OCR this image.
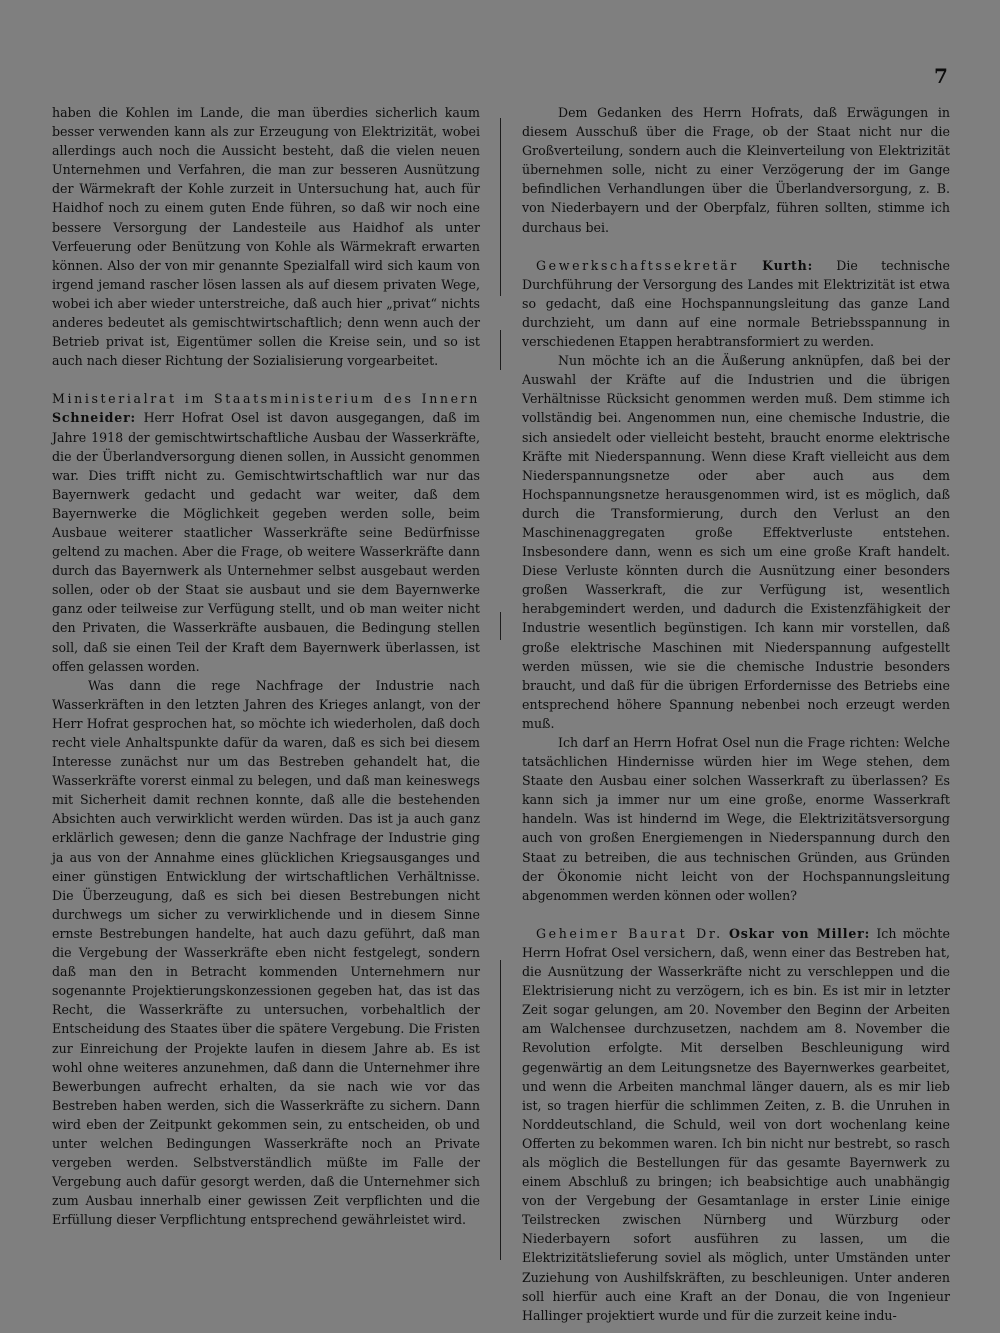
7

haben die Kohlen im Lande, die man überdies sicherlich kaum besser verwenden kann als zur Erzeugung von Elektrizität, wobei allerdings auch noch die Aussicht besteht, daß die vielen neuen Unternehmen und Verfahren, die man zur besseren Ausnützung der Wärmekraft der Kohle zurzeit in Untersuchung hat, auch für Haidhof noch zu einem guten Ende führen, so daß wir noch eine bessere Versorgung der Landesteile aus Haidhof als unter Verfeuerung oder Benützung von Kohle als Wärmekraft erwarten können. Also der von mir genannte Spezialfall wird sich kaum von irgend jemand rascher lösen lassen als auf diesem privaten Wege, wobei ich aber wieder unterstreiche, daß auch hier „privat“ nichts anderes bedeutet als gemischtwirtschaftlich; denn wenn auch der Betrieb privat ist, Eigentümer sollen die Kreise sein, und so ist auch nach dieser Richtung der Sozialisierung vorgearbeitet.

Ministerialrat im Staatsministerium des Innern Schneider: Herr Hofrat Osel ist davon ausgegangen, daß im Jahre 1918 der gemischtwirtschaftliche Ausbau der Wasserkräfte, die der Überlandversorgung dienen sollen, in Aussicht genommen war. Dies trifft nicht zu. Gemischtwirtschaftlich war nur das Bayernwerk gedacht und gedacht war weiter, daß dem Bayernwerke die Möglichkeit gegeben werden solle, beim Ausbaue weiterer staatlicher Wasserkräfte seine Bedürfnisse geltend zu machen. Aber die Frage, ob weitere Wasserkräfte dann durch das Bayernwerk als Unternehmer selbst ausgebaut werden sollen, oder ob der Staat sie ausbaut und sie dem Bayernwerke ganz oder teilweise zur Verfügung stellt, und ob man weiter nicht den Privaten, die Wasserkräfte ausbauen, die Bedingung stellen soll, daß sie einen Teil der Kraft dem Bayernwerk überlassen, ist offen gelassen worden.

Was dann die rege Nachfrage der Industrie nach Wasserkräften in den letzten Jahren des Krieges anlangt, von der Herr Hofrat gesprochen hat, so möchte ich wiederholen, daß doch recht viele Anhaltspunkte dafür da waren, daß es sich bei diesem Interesse zunächst nur um das Bestreben gehandelt hat, die Wasserkräfte vorerst einmal zu belegen, und daß man keineswegs mit Sicherheit damit rechnen konnte, daß alle die bestehenden Absichten auch verwirklicht werden würden. Das ist ja auch ganz erklärlich gewesen; denn die ganze Nachfrage der Industrie ging ja aus von der Annahme eines glücklichen Kriegsausganges und einer günstigen Entwicklung der wirtschaftlichen Verhältnisse. Die Überzeugung, daß es sich bei diesen Bestrebungen nicht durchwegs um sicher zu verwirklichende und in diesem Sinne ernste Bestrebungen handelte, hat auch dazu geführt, daß man die Vergebung der Wasserkräfte eben nicht festgelegt, sondern daß man den in Betracht kommenden Unternehmern nur sogenannte Projektierungskonzessionen gegeben hat, das ist das Recht, die Wasserkräfte zu untersuchen, vorbehaltlich der Entscheidung des Staates über die spätere Vergebung. Die Fristen zur Einreichung der Projekte laufen in diesem Jahre ab. Es ist wohl ohne weiteres anzunehmen, daß dann die Unternehmer ihre Bewerbungen aufrecht erhalten, da sie nach wie vor das Bestreben haben werden, sich die Wasserkräfte zu sichern. Dann wird eben der Zeitpunkt gekommen sein, zu entscheiden, ob und unter welchen Bedingungen Wasserkräfte noch an Private vergeben werden. Selbstverständlich müßte im Falle der Vergebung auch dafür gesorgt werden, daß die Unternehmer sich zum Ausbau innerhalb einer gewissen Zeit verpflichten und die Erfüllung dieser Verpflichtung entsprechend gewährleistet wird.

Dem Gedanken des Herrn Hofrats, daß Erwägungen in diesem Ausschuß über die Frage, ob der Staat nicht nur die Großverteilung, sondern auch die Kleinverteilung von Elektrizität übernehmen solle, nicht zu einer Verzögerung der im Gange befindlichen Verhandlungen über die Überlandversorgung, z. B. von Niederbayern und der Oberpfalz, führen sollten, stimme ich durchaus bei.

Gewerkschaftssekretär Kurth: Die technische Durchführung der Versorgung des Landes mit Elektrizität ist etwa so gedacht, daß eine Hochspannungsleitung das ganze Land durchzieht, um dann auf eine normale Betriebsspannung in verschiedenen Etappen herabtransformiert zu werden.

Nun möchte ich an die Äußerung anknüpfen, daß bei der Auswahl der Kräfte auf die Industrien und die übrigen Verhältnisse Rücksicht genommen werden muß. Dem stimme ich vollständig bei. Angenommen nun, eine chemische Industrie, die sich ansiedelt oder vielleicht besteht, braucht enorme elektrische Kräfte mit Niederspannung. Wenn diese Kraft vielleicht aus dem Niederspannungsnetze oder aber auch aus dem Hochspannungsnetze herausgenommen wird, ist es möglich, daß durch die Transformierung, durch den Verlust an den Maschinenaggregaten große Effektverluste entstehen. Insbesondere dann, wenn es sich um eine große Kraft handelt. Diese Verluste könnten durch die Ausnützung einer besonders großen Wasserkraft, die zur Verfügung ist, wesentlich herabgemindert werden, und dadurch die Existenzfähigkeit der Industrie wesentlich begünstigen. Ich kann mir vorstellen, daß große elektrische Maschinen mit Niederspannung aufgestellt werden müssen, wie sie die chemische Industrie besonders braucht, und daß für die übrigen Erfordernisse des Betriebs eine entsprechend höhere Spannung nebenbei noch erzeugt werden muß.

Ich darf an Herrn Hofrat Osel nun die Frage richten: Welche tatsächlichen Hindernisse würden hier im Wege stehen, dem Staate den Ausbau einer solchen Wasserkraft zu überlassen? Es kann sich ja immer nur um eine große, enorme Wasserkraft handeln. Was ist hindernd im Wege, die Elektrizitätsversorgung auch von großen Energiemengen in Niederspannung durch den Staat zu betreiben, die aus technischen Gründen, aus Gründen der Ökonomie nicht leicht von der Hochspannungsleitung abgenommen werden können oder wollen?

Geheimer Baurat Dr. Oskar von Miller: Ich möchte Herrn Hofrat Osel versichern, daß, wenn einer das Bestreben hat, die Ausnützung der Wasserkräfte nicht zu verschleppen und die Elektrisierung nicht zu verzögern, ich es bin. Es ist mir in letzter Zeit sogar gelungen, am 20. November den Beginn der Arbeiten am Walchensee durchzusetzen, nachdem am 8. November die Revolution erfolgte. Mit derselben Beschleunigung wird gegenwärtig an dem Leitungsnetze des Bayernwerkes gearbeitet, und wenn die Arbeiten manchmal länger dauern, als es mir lieb ist, so tragen hierfür die schlimmen Zeiten, z. B. die Unruhen in Norddeutschland, die Schuld, weil von dort wochenlang keine Offerten zu bekommen waren. Ich bin nicht nur bestrebt, so rasch als möglich die Bestellungen für das gesamte Bayernwerk zu einem Abschluß zu bringen; ich beabsichtige auch unabhängig von der Vergebung der Gesamtanlage in erster Linie einige Teilstrecken zwischen Nürnberg und Würzburg oder Niederbayern sofort ausführen zu lassen, um die Elektrizitätslieferung soviel als möglich, unter Umständen unter Zuziehung von Aushilfskräften, zu beschleunigen. Unter anderen soll hierfür auch eine Kraft an der Donau, die von Ingenieur Hallinger projektiert wurde und für die zurzeit keine indu-
